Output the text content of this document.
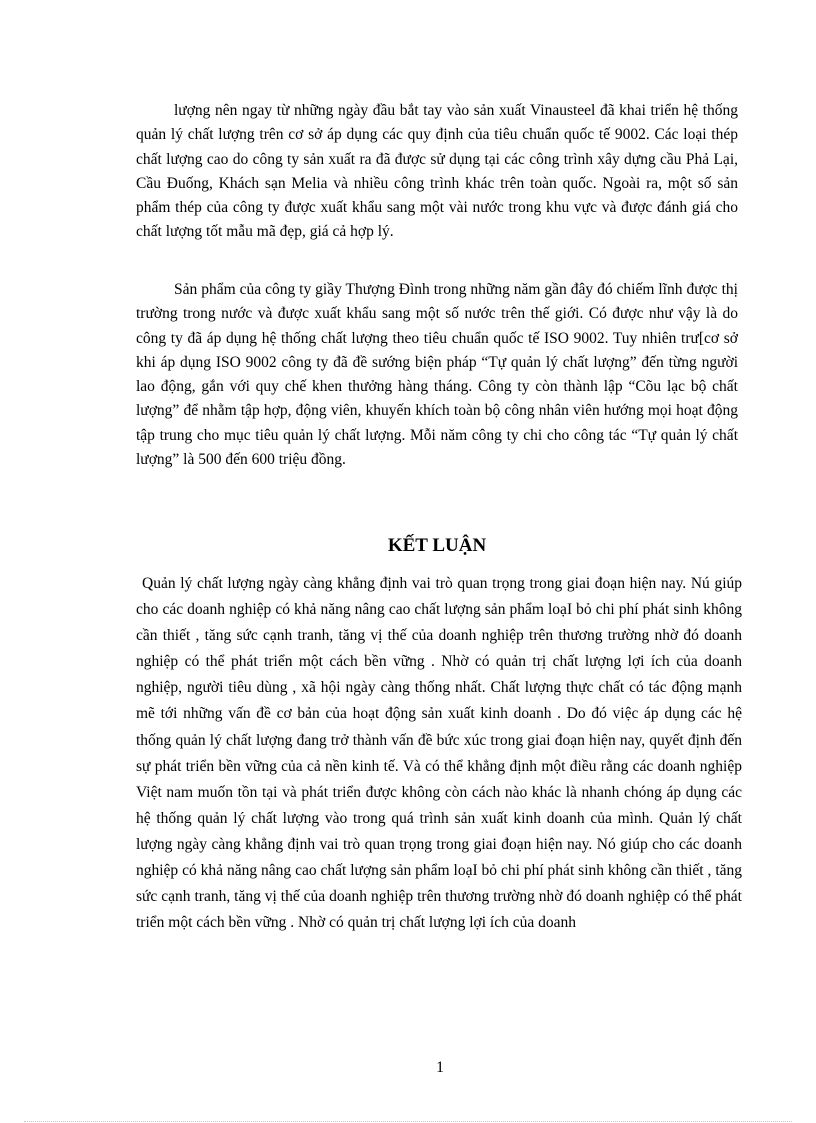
lượng nên ngay từ những ngày đầu bắt tay vào sản xuất Vinausteel đã khai triển hệ thống quản lý chất lượng trên cơ sở áp dụng các quy định của tiêu chuẩn quốc tế 9002. Các loại thép chất lượng cao do công ty sản xuất ra đã được sử dụng tại các công trình xây dựng cầu Phả Lại, Cầu Đuống, Khách sạn Melia và nhiều công trình khác trên toàn quốc. Ngoài ra, một số sản phẩm thép của công ty được xuất khẩu sang một vài nước trong khu vực và được đánh giá cho chất lượng tốt mẫu mã đẹp, giá cả hợp lý.

Sản phẩm của công ty giầy Thượng Đình trong những năm gần đây đó chiếm lĩnh được thị trường trong nước và được xuất khẩu sang một số nước trên thế giới. Có được như vậy là do công ty đã áp dụng hệ thống chất lượng theo tiêu chuẩn quốc tế ISO 9002. Tuy nhiên trư[cơ sở khi áp dụng ISO 9002 công ty đã đề sướng biện pháp “Tự quản lý chất lượng” đến từng người lao động, gắn với quy chế khen thưởng hàng tháng. Công ty còn thành lập “Cõu lạc bộ chất lượng” để nhằm tập hợp, động viên, khuyến khích toàn bộ công nhân viên hướng mọi hoạt động tập trung cho mục tiêu quản lý chất lượng. Mỗi năm công ty chi cho công tác “Tự quản lý chất lượng” là 500 đến 600 triệu đồng.

KẾT LUẬN

Quản lý chất lượng ngày càng khẳng định vai trò quan trọng trong giai đoạn hiện nay. Nú giúp cho các doanh nghiệp có khả năng nâng cao chất lượng sản phẩm loạI bỏ chi phí phát sinh không cần thiết , tăng sức cạnh tranh, tăng vị thế của doanh nghiệp trên thương trường nhờ đó doanh nghiệp có thể phát triển một cách bền vững . Nhờ có quản trị chất lượng lợi ích của doanh nghiệp, người tiêu dùng , xã hội ngày càng thống nhất. Chất lượng thực chất có tác động mạnh mẽ tới những vấn đề cơ bản của hoạt động sản xuất kinh doanh . Do đó việc áp dụng các hệ thống quản lý chất lượng đang trở thành vấn đề bức xúc trong giai đoạn hiện nay, quyết định đến sự phát triển bền vững của cả nền kinh tế. Và có thể khẳng định một điều rằng các doanh nghiệp Việt nam muốn tồn tại và phát triển được không còn cách nào khác là nhanh chóng áp dụng các hệ thống quản lý chất lượng vào trong quá trình sản xuất kinh doanh của mình. Quản lý chất lượng ngày càng khẳng định vai trò quan trọng trong giai đoạn hiện nay. Nó giúp cho các doanh nghiệp có khả năng nâng cao chất lượng sản phẩm loạI bỏ chi phí phát sinh không cần thiết , tăng sức cạnh tranh, tăng vị thế của doanh nghiệp trên thương trường nhờ đó doanh nghiệp có thể phát triển một cách bền vững . Nhờ có quản trị chất lượng lợi ích của doanh

1
